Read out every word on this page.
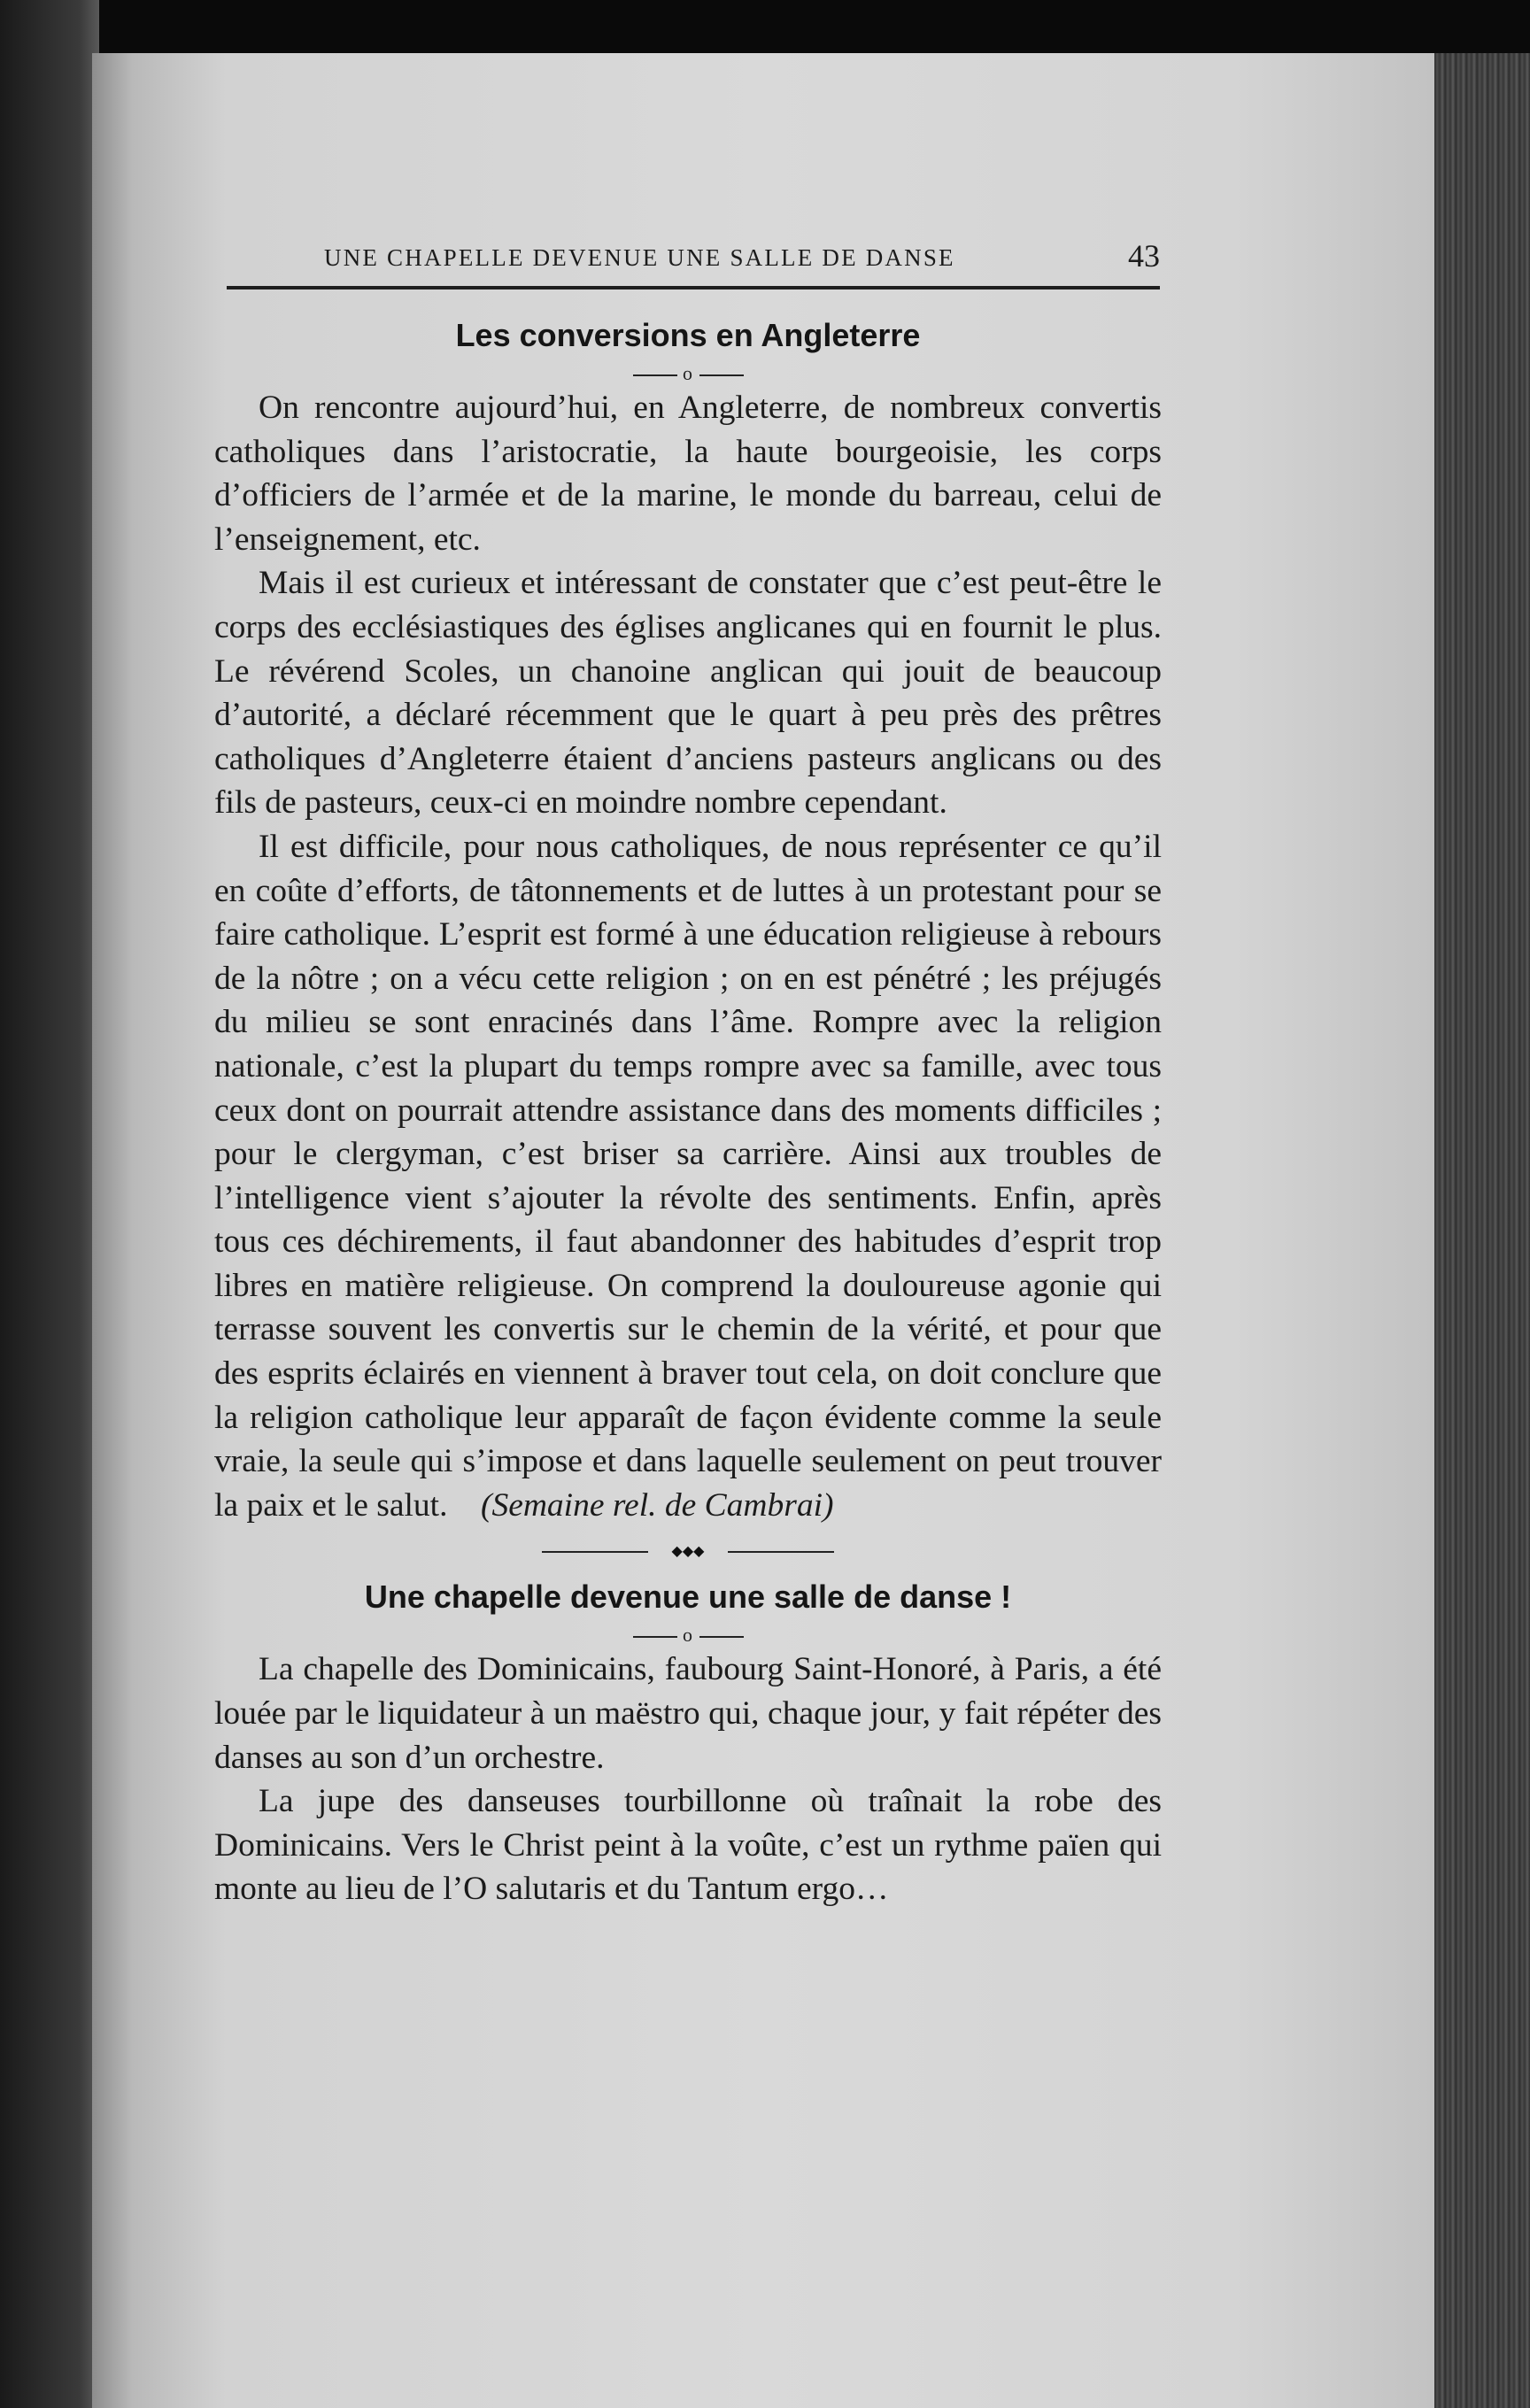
UNE CHAPELLE DEVENUE UNE SALLE DE DANSE	43
Les conversions en Angleterre
o

On rencontre aujourd’hui, en Angleterre, de nombreux convertis catholiques dans l’aristocratie, la haute bourgeoisie, les corps d’officiers de l’armée et de la marine, le monde du barreau, celui de l’enseignement, etc.

Mais il est curieux et intéressant de constater que c’est peut-être le corps des ecclésiastiques des églises anglicanes qui en fournit le plus. Le révérend Scoles, un chanoine anglican qui jouit de beaucoup d’autorité, a déclaré récemment que le quart à peu près des prêtres catholiques d’Angleterre étaient d’anciens pasteurs anglicans ou des fils de pasteurs, ceux-ci en moindre nombre cependant.

Il est difficile, pour nous catholiques, de nous représenter ce qu’il en coûte d’efforts, de tâtonnements et de luttes à un protestant pour se faire catholique. L’esprit est formé à une éducation religieuse à rebours de la nôtre ; on a vécu cette religion ; on en est pénétré ; les préjugés du milieu se sont enracinés dans l’âme. Rompre avec la religion nationale, c’est la plupart du temps rompre avec sa famille, avec tous ceux dont on pourrait attendre assistance dans des moments difficiles ; pour le clergyman, c’est briser sa carrière. Ainsi aux troubles de l’intelligence vient s’ajouter la révolte des sentiments. Enfin, après tous ces déchirements, il faut abandonner des habitudes d’esprit trop libres en matière religieuse. On comprend la douloureuse agonie qui terrasse souvent les convertis sur le chemin de la vérité, et pour que des esprits éclairés en viennent à braver tout cela, on doit conclure que la religion catholique leur apparaît de façon évidente comme la seule vraie, la seule qui s’impose et dans laquelle seulement on peut trouver la paix et le salut. (Semaine rel. de Cambrai)

◆◆◆
Une chapelle devenue une salle de danse !
o

La chapelle des Dominicains, faubourg Saint-Honoré, à Paris, a été louée par le liquidateur à un maëstro qui, chaque jour, y fait répéter des danses au son d’un orchestre.

La jupe des danseuses tourbillonne où traînait la robe des Dominicains. Vers le Christ peint à la voûte, c’est un rythme païen qui monte au lieu de l’O salutaris et du Tantum ergo…
